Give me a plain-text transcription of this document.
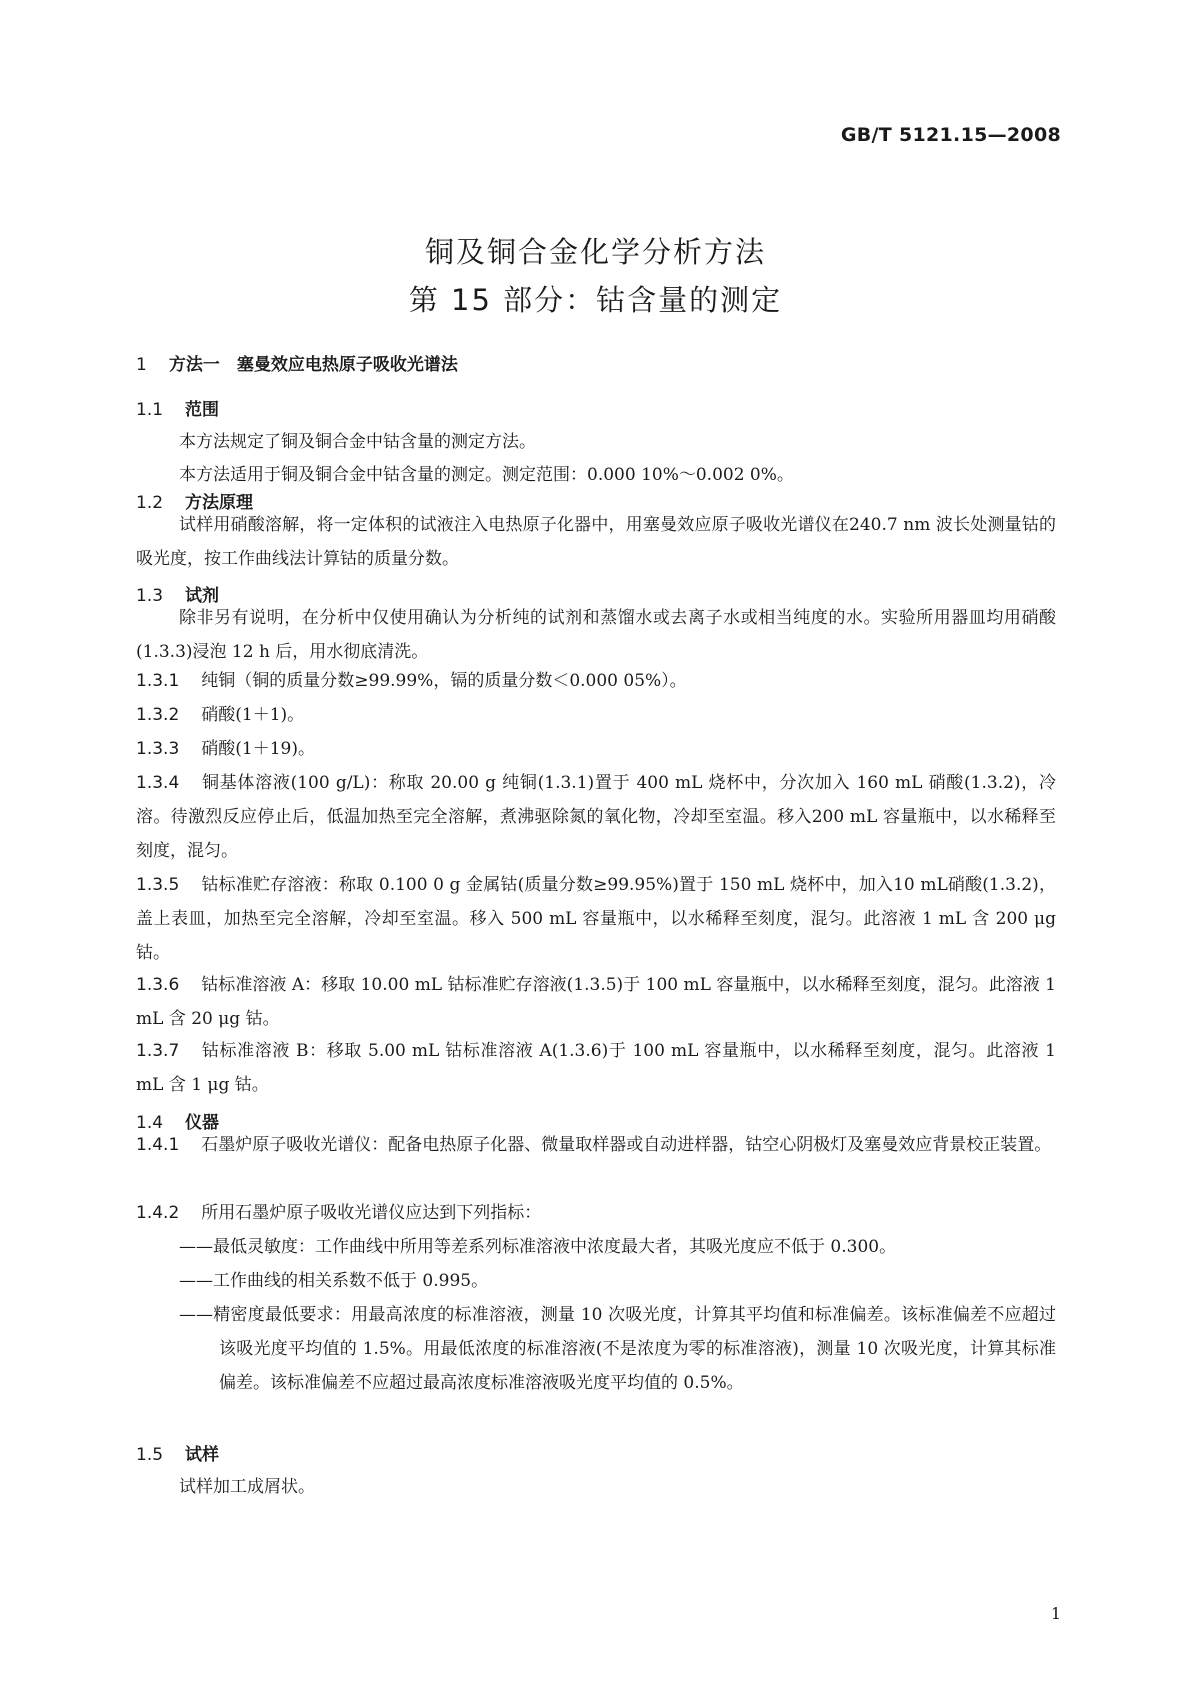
GB/T 5121.15—2008
铜及铜合金化学分析方法
第 15 部分：钴含量的测定
1 方法一　塞曼效应电热原子吸收光谱法
1.1 范围
本方法规定了铜及铜合金中钴含量的测定方法。
本方法适用于铜及铜合金中钴含量的测定。测定范围：0.000 10%～0.002 0%。
1.2 方法原理
试样用硝酸溶解，将一定体积的试液注入电热原子化器中，用塞曼效应原子吸收光谱仪在240.7 nm 波长处测量钴的吸光度，按工作曲线法计算钴的质量分数。
1.3 试剂
除非另有说明，在分析中仅使用确认为分析纯的试剂和蒸馏水或去离子水或相当纯度的水。实验所用器皿均用硝酸(1.3.3)浸泡 12 h 后，用水彻底清洗。
1.3.1 纯铜（铜的质量分数≥99.99%，镉的质量分数＜0.000 05%）。
1.3.2 硝酸(1＋1)。
1.3.3 硝酸(1＋19)。
1.3.4 铜基体溶液(100 g/L)：称取 20.00 g 纯铜(1.3.1)置于 400 mL 烧杯中，分次加入 160 mL 硝酸(1.3.2)，冷溶。待激烈反应停止后，低温加热至完全溶解，煮沸驱除氮的氧化物，冷却至室温。移入200 mL 容量瓶中，以水稀释至刻度，混匀。
1.3.5 钴标准贮存溶液：称取 0.100 0 g 金属钴(质量分数≥99.95%)置于 150 mL 烧杯中，加入10 mL硝酸(1.3.2)，盖上表皿，加热至完全溶解，冷却至室温。移入 500 mL 容量瓶中，以水稀释至刻度，混匀。此溶液 1 mL 含 200 μg 钴。
1.3.6 钴标准溶液 A：移取 10.00 mL 钴标准贮存溶液(1.3.5)于 100 mL 容量瓶中，以水稀释至刻度，混匀。此溶液 1 mL 含 20 μg 钴。
1.3.7 钴标准溶液 B：移取 5.00 mL 钴标准溶液 A(1.3.6)于 100 mL 容量瓶中，以水稀释至刻度，混匀。此溶液 1 mL 含 1 μg 钴。
1.4 仪器
1.4.1 石墨炉原子吸收光谱仪：配备电热原子化器、微量取样器或自动进样器，钴空心阴极灯及塞曼效应背景校正装置。
1.4.2 所用石墨炉原子吸收光谱仪应达到下列指标：
——最低灵敏度：工作曲线中所用等差系列标准溶液中浓度最大者，其吸光度应不低于 0.300。
——工作曲线的相关系数不低于 0.995。
——精密度最低要求：用最高浓度的标准溶液，测量 10 次吸光度，计算其平均值和标准偏差。该标准偏差不应超过该吸光度平均值的 1.5%。用最低浓度的标准溶液(不是浓度为零的标准溶液)，测量 10 次吸光度，计算其标准偏差。该标准偏差不应超过最高浓度标准溶液吸光度平均值的 0.5%。
1.5 试样
试样加工成屑状。
1
